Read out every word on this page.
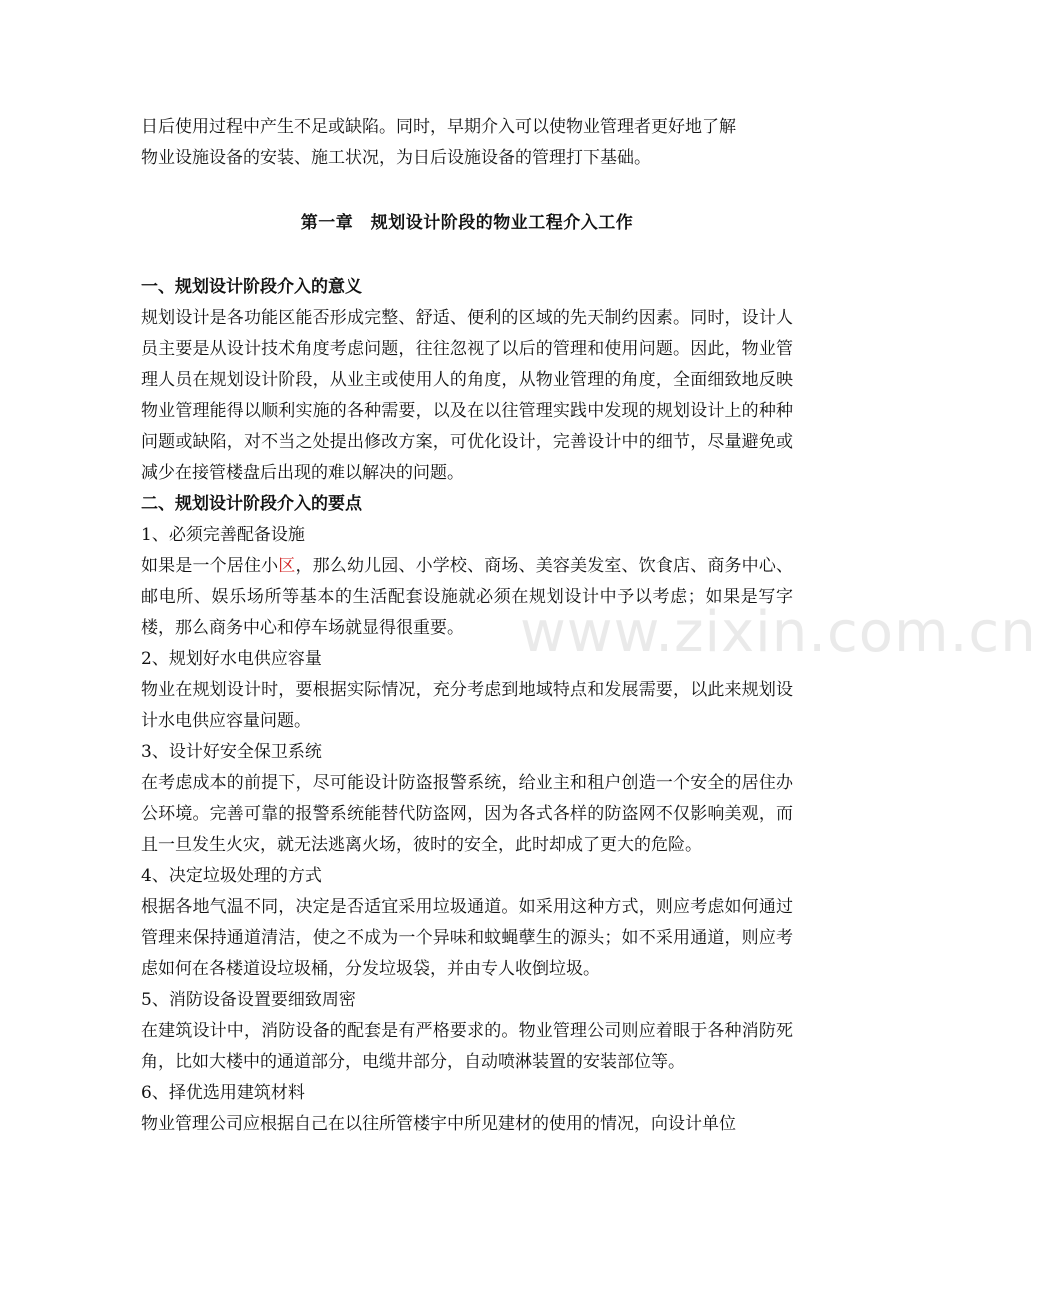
www.zixin.com.cn

日后使用过程中产生不足或缺陷。同时，早期介入可以使物业管理者更好地了解

物业设施设备的安装、施工状况，为日后设施设备的管理打下基础。

第一章　规划设计阶段的物业工程介入工作

一、规划设计阶段介入的意义

规划设计是各功能区能否形成完整、舒适、便利的区域的先天制约因素。同时，设计人员主要是从设计技术角度考虑问题，往往忽视了以后的管理和使用问题。因此，物业管理人员在规划设计阶段，从业主或使用人的角度，从物业管理的角度，全面细致地反映物业管理能得以顺利实施的各种需要，以及在以往管理实践中发现的规划设计上的种种问题或缺陷，对不当之处提出修改方案，可优化设计，完善设计中的细节，尽量避免或减少在接管楼盘后出现的难以解决的问题。

二、规划设计阶段介入的要点

1、必须完善配备设施

如果是一个居住小区，那么幼儿园、小学校、商场、美容美发室、饮食店、商务中心、邮电所、娱乐场所等基本的生活配套设施就必须在规划设计中予以考虑；如果是写字楼，那么商务中心和停车场就显得很重要。

2、规划好水电供应容量

物业在规划设计时，要根据实际情况，充分考虑到地域特点和发展需要，以此来规划设计水电供应容量问题。

3、设计好安全保卫系统

在考虑成本的前提下，尽可能设计防盗报警系统，给业主和租户创造一个安全的居住办公环境。完善可靠的报警系统能替代防盗网，因为各式各样的防盗网不仅影响美观，而且一旦发生火灾，就无法逃离火场，彼时的安全，此时却成了更大的危险。

4、决定垃圾处理的方式

根据各地气温不同，决定是否适宜采用垃圾通道。如采用这种方式，则应考虑如何通过管理来保持通道清洁，使之不成为一个异味和蚊蝇孽生的源头；如不采用通道，则应考虑如何在各楼道设垃圾桶，分发垃圾袋，并由专人收倒垃圾。

5、消防设备设置要细致周密

在建筑设计中，消防设备的配套是有严格要求的。物业管理公司则应着眼于各种消防死角，比如大楼中的通道部分，电缆井部分，自动喷淋装置的安装部位等。

6、择优选用建筑材料

物业管理公司应根据自己在以往所管楼宇中所见建材的使用的情况，向设计单位
